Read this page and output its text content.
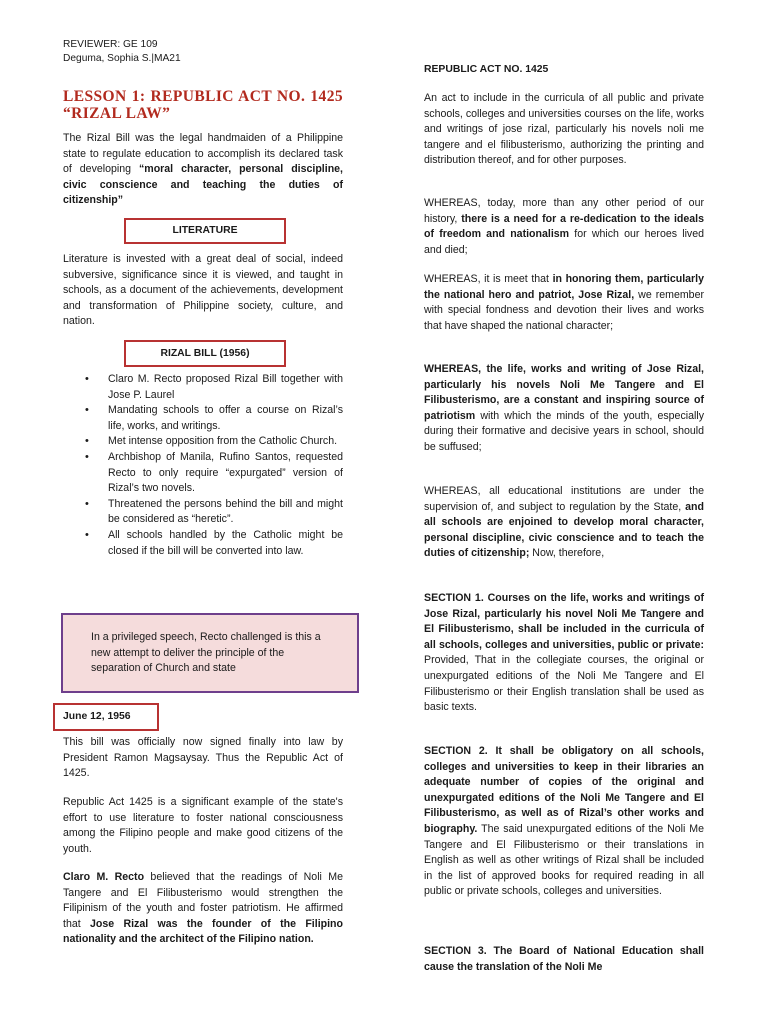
REVIEWER: GE 109
Deguma, Sophia S.|MA21
LESSON 1: REPUBLIC ACT NO. 1425 “RIZAL LAW”

The Rizal Bill was the legal handmaiden of a Philippine state to regulate education to accomplish its declared task of developing “moral character, personal discipline, civic conscience and teaching the duties of citizenship”

LITERATURE

Literature is invested with a great deal of social, indeed subversive, significance since it is viewed, and taught in schools, as a document of the achievements, development and transformation of Philippine society, culture, and nation.

RIZAL BILL (1956)
• Claro M. Recto proposed Rizal Bill together with Jose P. Laurel
• Mandating schools to offer a course on Rizal’s life, works, and writings.
• Met intense opposition from the Catholic Church.
• Archbishop of Manila, Rufino Santos, requested Recto to only require “expurgated” version of Rizal’s two novels.
• Threatened the persons behind the bill and might be considered as “heretic”.
• All schools handled by the Catholic might be closed if the bill will be converted into law.
In a privileged speech, Recto challenged is this a new attempt to deliver the principle of the separation of Church and state
June 12, 1956

This bill was officially now signed finally into law by President Ramon Magsaysay. Thus the Republic Act of 1425.

Republic Act 1425 is a significant example of the state's effort to use literature to foster national consciousness among the Filipino people and make good citizens of the youth.

Claro M. Recto believed that the readings of Noli Me Tangere and El Filibusterismo would strengthen the Filipinism of the youth and foster patriotism. He affirmed that Jose Rizal was the founder of the Filipino nationality and the architect of the Filipino nation.

REPUBLIC ACT NO. 1425

An act to include in the curricula of all public and private schools, colleges and universities courses on the life, works and writings of jose rizal, particularly his novels noli me tangere and el filibusterismo, authorizing the printing and distribution thereof, and for other purposes.

WHEREAS, today, more than any other period of our history, there is a need for a re-dedication to the ideals of freedom and nationalism for which our heroes lived and died;

WHEREAS, it is meet that in honoring them, particularly the national hero and patriot, Jose Rizal, we remember with special fondness and devotion their lives and works that have shaped the national character;

WHEREAS, the life, works and writing of Jose Rizal, particularly his novels Noli Me Tangere and El Filibusterismo, are a constant and inspiring source of patriotism with which the minds of the youth, especially during their formative and decisive years in school, should be suffused;

WHEREAS, all educational institutions are under the supervision of, and subject to regulation by the State, and all schools are enjoined to develop moral character, personal discipline, civic conscience and to teach the duties of citizenship; Now, therefore,

SECTION 1. Courses on the life, works and writings of Jose Rizal, particularly his novel Noli Me Tangere and El Filibusterismo, shall be included in the curricula of all schools, colleges and universities, public or private: Provided, That in the collegiate courses, the original or unexpurgated editions of the Noli Me Tangere and El Filibusterismo or their English translation shall be used as basic texts.

SECTION 2. It shall be obligatory on all schools, colleges and universities to keep in their libraries an adequate number of copies of the original and unexpurgated editions of the Noli Me Tangere and El Filibusterismo, as well as of Rizal’s other works and biography. The said unexpurgated editions of the Noli Me Tangere and El Filibusterismo or their translations in English as well as other writings of Rizal shall be included in the list of approved books for required reading in all public or private schools, colleges and universities.

SECTION 3. The Board of National Education shall cause the translation of the Noli Me
